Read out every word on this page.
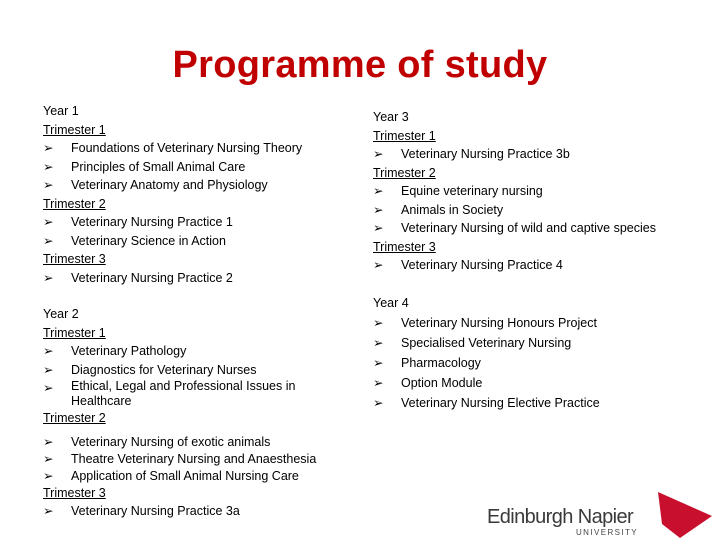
Programme of study
Year 1
Trimester 1
➢	Foundations of Veterinary Nursing Theory
➢	Principles of Small Animal Care
➢	Veterinary Anatomy and Physiology
Trimester 2
➢	Veterinary Nursing Practice 1
➢	Veterinary Science in Action
Trimester 3
➢	Veterinary Nursing Practice 2
Year 2
Trimester 1
➢	Veterinary Pathology
➢	Diagnostics for Veterinary Nurses
➢	Ethical, Legal and Professional Issues in Healthcare
Trimester 2
➢	Veterinary Nursing of exotic animals
➢	Theatre Veterinary Nursing and Anaesthesia
➢	Application of Small Animal Nursing Care
Trimester 3
➢	Veterinary Nursing Practice 3a
Year 3
Trimester 1
➢	Veterinary Nursing Practice 3b
Trimester 2
➢	Equine veterinary nursing
➢	Animals in Society
➢	Veterinary Nursing of wild and captive species
Trimester 3
➢	Veterinary Nursing Practice 4
Year 4
➢	Veterinary Nursing Honours Project
➢	Specialised Veterinary Nursing
➢	Pharmacology
➢	Option Module
➢	Veterinary Nursing Elective Practice
Edinburgh Napier
UNIVERSITY
